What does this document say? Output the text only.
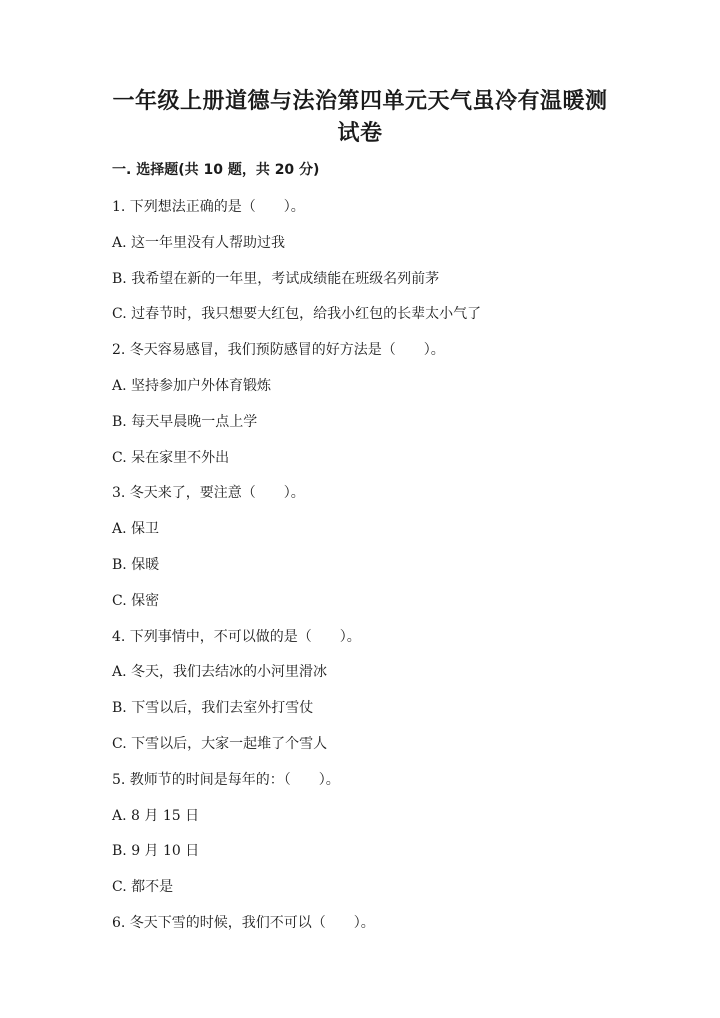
一年级上册道德与法治第四单元天气虽冷有温暖测
试卷
一. 选择题(共 10 题，共 20 分)
1. 下列想法正确的是（　　）。
A. 这一年里没有人帮助过我
B. 我希望在新的一年里，考试成绩能在班级名列前茅
C. 过春节时，我只想要大红包，给我小红包的长辈太小气了
2. 冬天容易感冒，我们预防感冒的好方法是（　　）。
A. 坚持参加户外体育锻炼
B. 每天早晨晚一点上学
C. 呆在家里不外出
3. 冬天来了，要注意（　　）。
A. 保卫
B. 保暖
C. 保密
4. 下列事情中，不可以做的是（　　）。
A. 冬天，我们去结冰的小河里滑冰
B. 下雪以后，我们去室外打雪仗
C. 下雪以后，大家一起堆了个雪人
5. 教师节的时间是每年的：（　　）。
A. 8 月 15 日
B. 9 月 10 日
C. 都不是
6. 冬天下雪的时候，我们不可以（　　）。
